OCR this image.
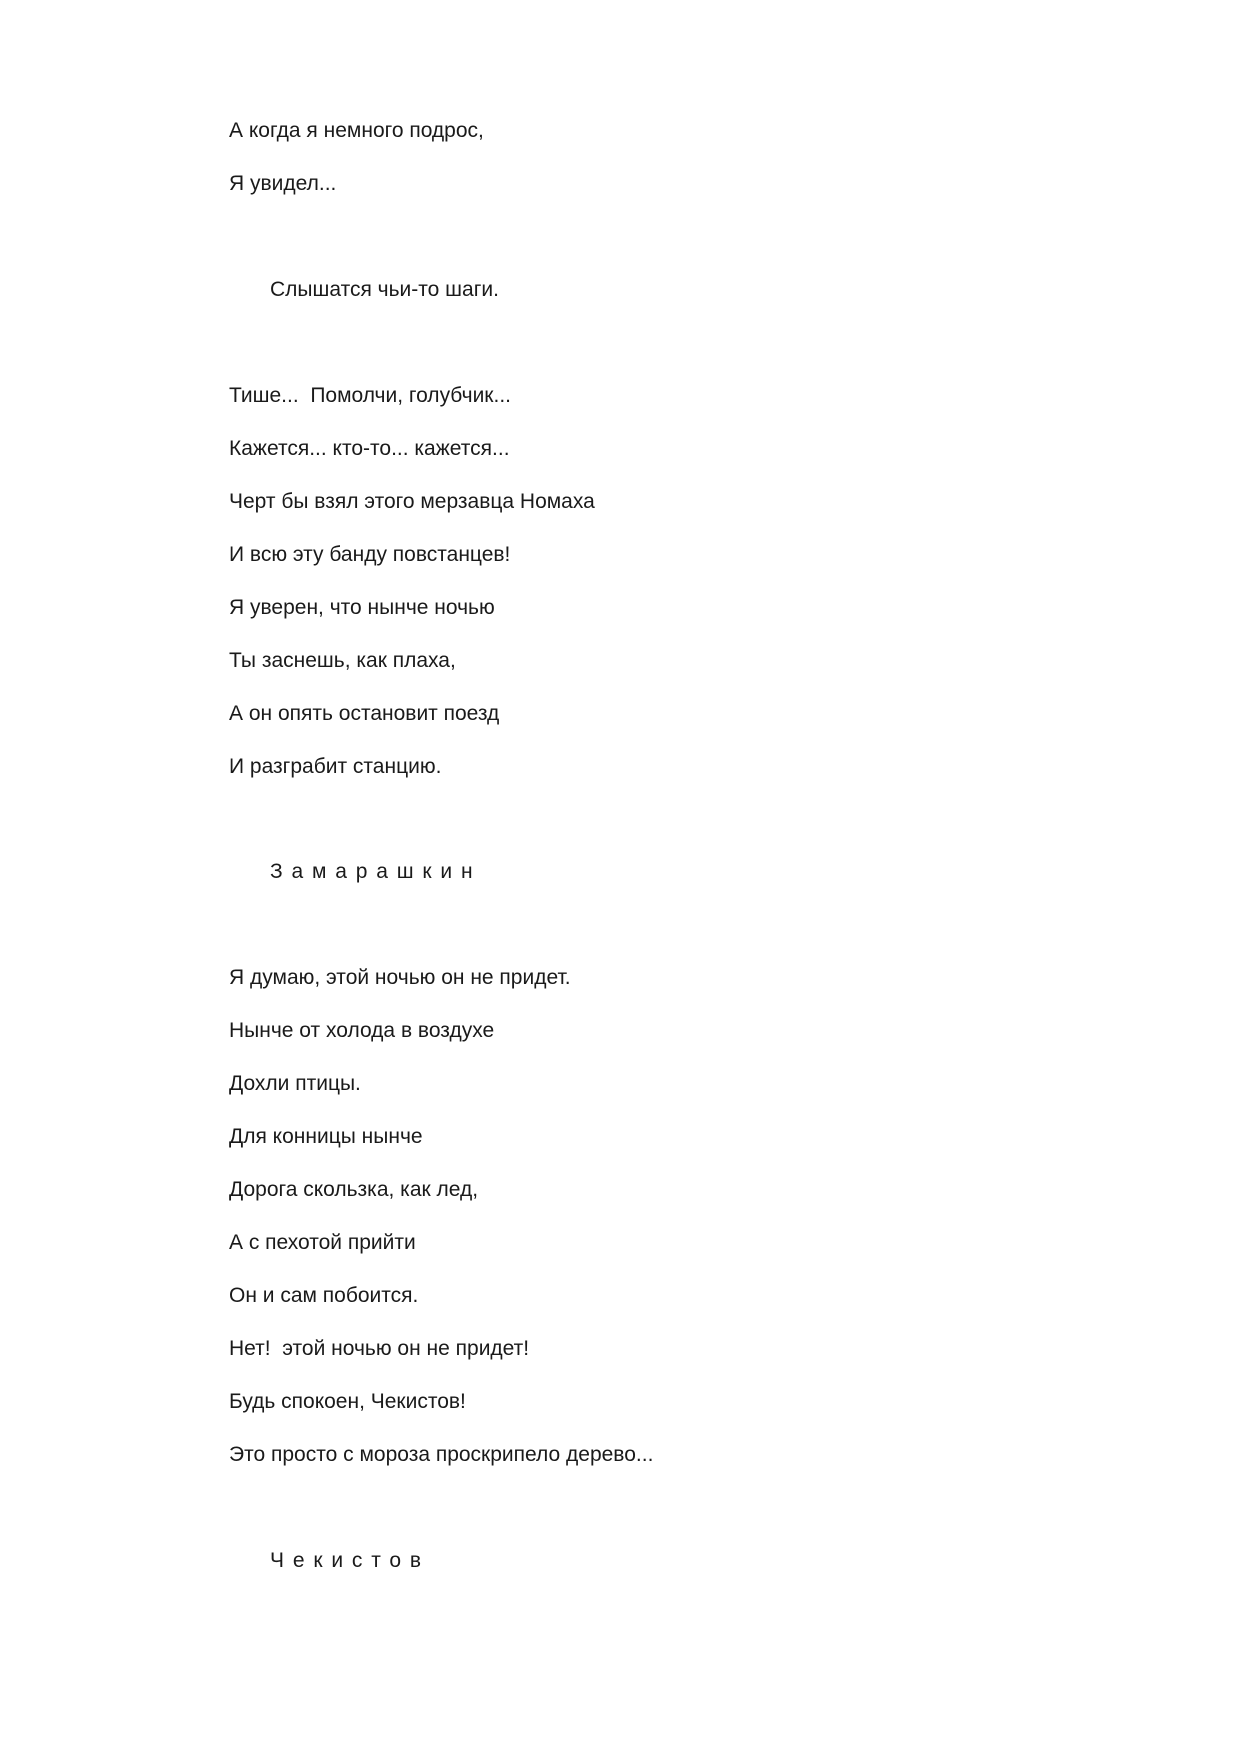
А когда я немного подрос,

Я увидел...

Слышатся чьи-то шаги.

Тише...  Помолчи, голубчик...

Кажется... кто-то... кажется...

Черт бы взял этого мерзавца Номаха

И всю эту банду повстанцев!

Я уверен, что нынче ночью

Ты заснешь, как плаха,

А он опять остановит поезд

И разграбит станцию.

Замарашкин

Я думаю, этой ночью он не придет.

Нынче от холода в воздухе

Дохли птицы.

Для конницы нынче

Дорога скользка, как лед,

А с пехотой прийти

Он и сам побоится.

Нет!  этой ночью он не придет!

Будь спокоен, Чекистов!

Это просто с мороза проскрипело дерево...

Чекистов
